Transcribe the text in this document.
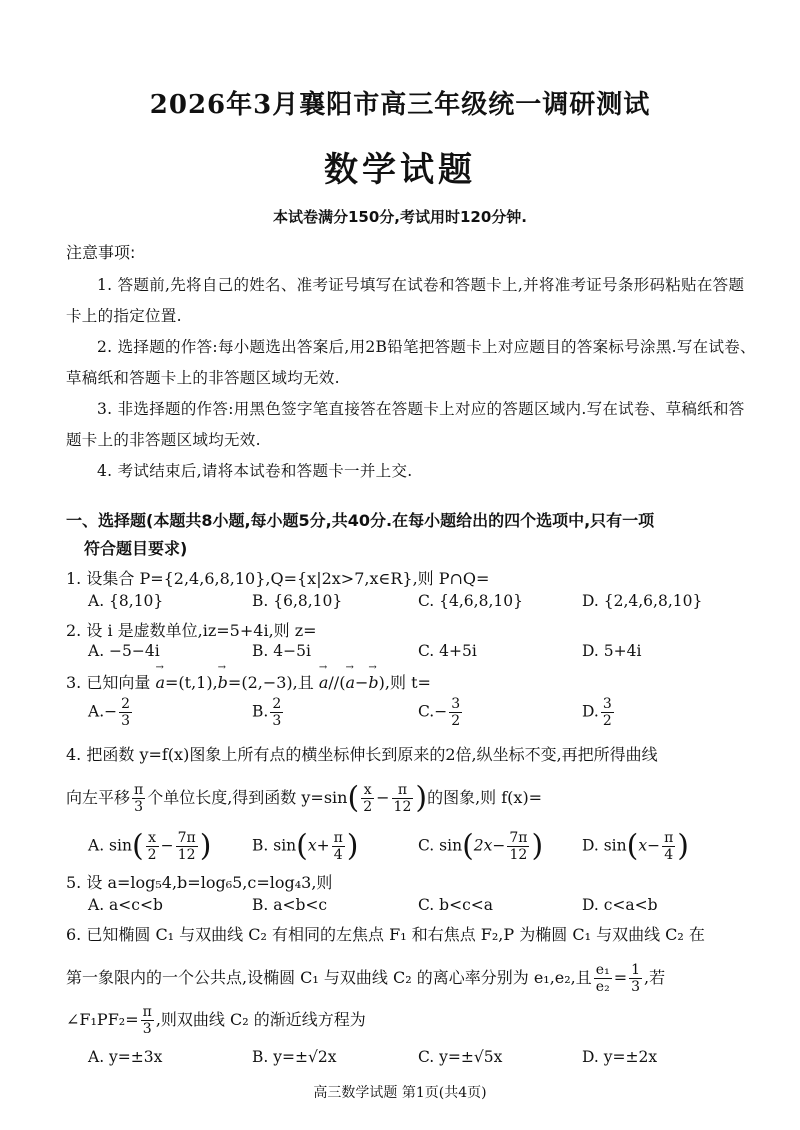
2026年3月襄阳市高三年级统一调研测试
数学试题
本试卷满分150分,考试用时120分钟.
注意事项:
1. 答题前,先将自己的姓名、准考证号填写在试卷和答题卡上,并将准考证号条形码粘贴在答题卡上的指定位置.
2. 选择题的作答:每小题选出答案后,用2B铅笔把答题卡上对应题目的答案标号涂黑.写在试卷、草稿纸和答题卡上的非答题区域均无效.
3. 非选择题的作答:用黑色签字笔直接答在答题卡上对应的答题区域内.写在试卷、草稿纸和答题卡上的非答题区域均无效.
4. 考试结束后,请将本试卷和答题卡一并上交.
一、选择题(本题共8小题,每小题5分,共40分.在每小题给出的四个选项中,只有一项
符合题目要求)
1. 设集合 P={2,4,6,8,10},Q={x|2x>7,x∈R},则 P∩Q=
A. {8,10}	B. {6,8,10}	C. {4,6,8,10}	D. {2,4,6,8,10}
2. 设 i 是虚数单位,iz=5+4i,则 z=
A. −5−4i	B. 4−5i	C. 4+5i	D. 5+4i
3. 已知向量 → a=(t,1),→ b=(2,−3),且 → a//(→ a−→ b),则 t=
$A.- \frac{2}{3}$	B. $\frac{2}{3}$	$C.- \frac{3}{2}$	D. $\frac{3}{2}$
4. 把函数 y=f(x)图象上所有点的横坐标伸长到原来的2倍,纵坐标不变,再把所得曲线
向左平移 $\frac{\pi}{3}$ 个单位长度,得到函数 $y=\sin( \frac{x}{2} - \frac{\pi}{12}$ )的图象,则 f(x)=
A. $\sin( \frac{x}{2} - \frac{7\pi}{12}$ )	B. $\sin(x+ \frac{\pi}{4}$ )	C. $\sin(2x- \frac{7\pi}{12}$ )	D. $\sin(x- \frac{\pi}{4}$ )
5. 设 a=log₅4,b=log₆5,c=log₄3,则
A. a<c<b	B. a<b<c	C. b<c<a	D. c<a<b
6. 已知椭圆 C₁ 与双曲线 C₂ 有相同的左焦点 F₁ 和右焦点 F₂,P 为椭圆 C₁ 与双曲线 C₂ 在
第一象限内的一个公共点,设椭圆 C₁ 与双曲线 C₂ 的离心率分别为 e₁,e₂,且 $\frac{\text{e₁}}{\text{e₂}} = \frac{1}{3}$ ,若
∠F₁PF₂= $\frac{\pi}{3}$ ,则双曲线 C₂ 的渐近线方程为
A. y=±3x	B. y=±√2x	C. y=±√5x	D. y=±2x
高三数学试题 第1页(共4页)
